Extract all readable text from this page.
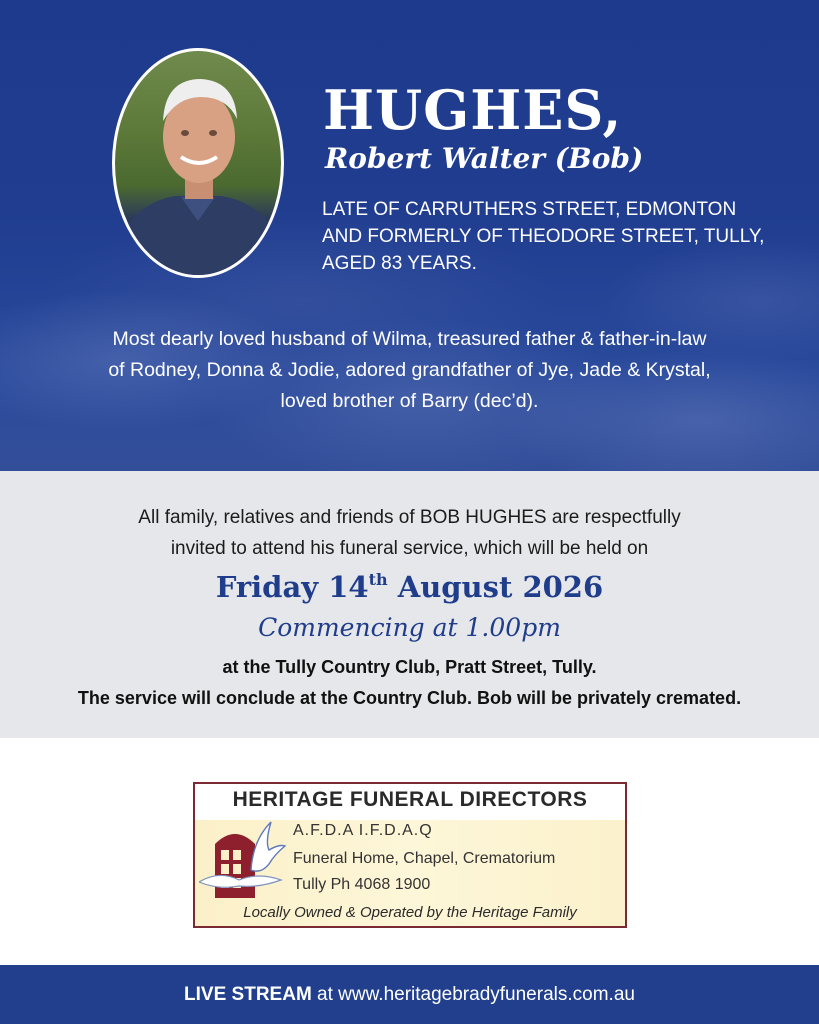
HUGHES,
Robert Walter (Bob)
LATE OF CARRUTHERS STREET, EDMONTON
AND FORMERLY OF THEODORE STREET, TULLY,
AGED 83 YEARS.
Most dearly loved husband of Wilma, treasured father & father-in-law
of Rodney, Donna & Jodie, adored grandfather of Jye, Jade & Krystal,
loved brother of Barry (dec’d).
All family, relatives and friends of BOB HUGHES are respectfully
invited to attend his funeral service, which will be held on
Friday 14th August 2026
Commencing at 1.00pm
at the Tully Country Club, Pratt Street, Tully.
The service will conclude at the Country Club. Bob will be privately cremated.
HERITAGE FUNERAL DIRECTORS
A.F.D.A I.F.D.A.Q
Funeral Home, Chapel, Crematorium
Tully Ph 4068 1900
Locally Owned & Operated by the Heritage Family
LIVE STREAM at www.heritagebradyfunerals.com.au
